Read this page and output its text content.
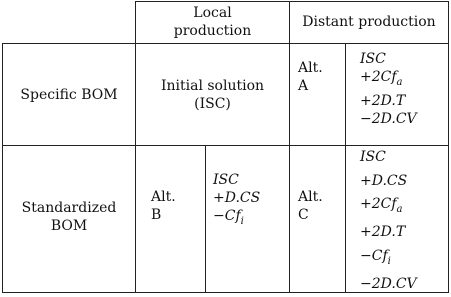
Local
production
Distant production
Specific BOM
Initial solution
(ISC)
Alt.
A
ISC
$+2Cf_a$
+2D.T
−2D.CV
Standardized
BOM
Alt.
B
ISC
+D.CS
$-Cf_i$
Alt.
C
ISC
+D.CS
$+2Cf_a$
+2D.T
$-Cf_i$
−2D.CV
